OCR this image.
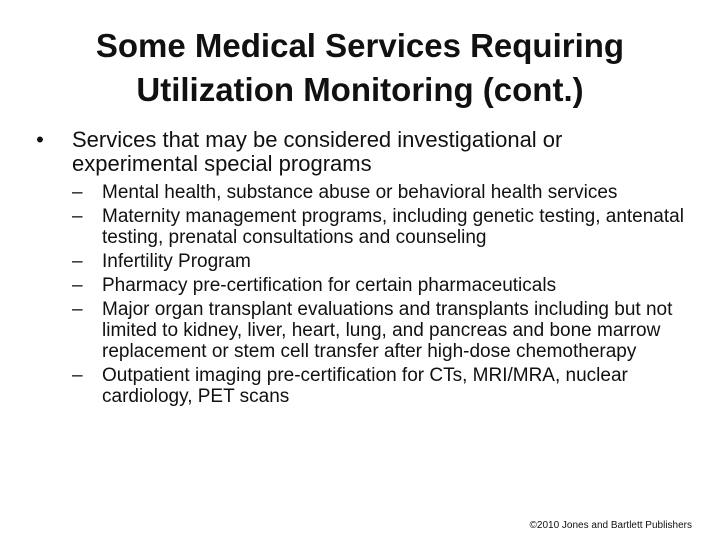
Some Medical Services Requiring
Utilization Monitoring (cont.)
• Services that may be considered investigational or experimental special programs
–	Mental health, substance abuse or behavioral health services
–	Maternity management programs, including genetic testing, antenatal testing, prenatal consultations and counseling
–	Infertility Program
–	Pharmacy pre-certification for certain pharmaceuticals
–	Major organ transplant evaluations and transplants including but not limited to kidney, liver, heart, lung, and pancreas and bone marrow replacement or stem cell transfer after high-dose chemotherapy
–	Outpatient imaging pre-certification for CTs, MRI/MRA, nuclear cardiology, PET scans
©2010 Jones and Bartlett Publishers
